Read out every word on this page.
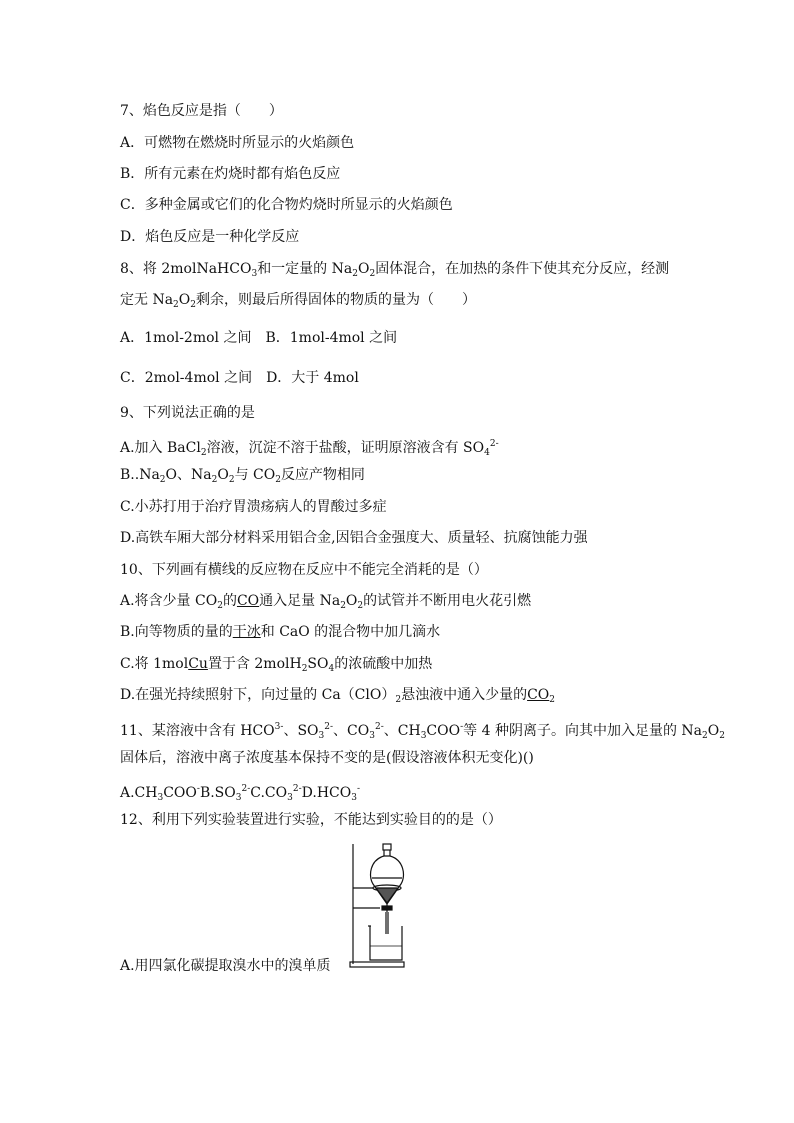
7、焰色反应是指（　　）
A．可燃物在燃烧时所显示的火焰颜色
B．所有元素在灼烧时都有焰色反应
C．多种金属或它们的化合物灼烧时所显示的火焰颜色
D．焰色反应是一种化学反应
8、将 2molNaHCO$_3$和一定量的 $Na_2O_2$固体混合，在加热的条件下使其充分反应，经测
定无 $Na_2O_2$剩余，则最后所得固体的物质的量为（　　）
A．1mol-2mol 之间　B．1mol-4mol 之间
C．2mol-4mol 之间　D．大于 4mol
9、下列说法正确的是
A.加入 BaCl$_2$溶液，沉淀不溶于盐酸，证明原溶液含有 $SO_4^{2-}$
$B..Na_2O$、$Na_2O_2$与 $CO_2$反应产物相同
C.小苏打用于治疗胃溃疡病人的胃酸过多症
D.高铁车厢大部分材料采用铝合金,因铝合金强度大、质量轻、抗腐蚀能力强
10、下列画有横线的反应物在反应中不能完全消耗的是（）
A.将含少量 $CO_2$的CO通入足量 $Na_2O_2$的试管并不断用电火花引燃
B.向等物质的量的干冰和 CaO 的混合物中加几滴水
C.将 1molCu置于含 $2molH_2SO_4$的浓硫酸中加热
D.在强光持续照射下，向过量的 $Ca(ClO)_2$悬浊液中通入少量的$CO_2$
11、某溶液中含有 $HCO^{3-}$、$SO_3^{2-}$、$CO_3^{2-}$、$CH_3COO^-$等 4 种阴离子。向其中加入足量的 $Na_2O_2$
固体后，溶液中离子浓度基本保持不变的是(假设溶液体积无变化)()
$A.CH_3COO^-B.SO_3^{2-}C.CO_3^{2-}D.HCO_3^-$
12、利用下列实验装置进行实验，不能达到实验目的的是（）
A.用四氯化碳提取溴水中的溴单质
